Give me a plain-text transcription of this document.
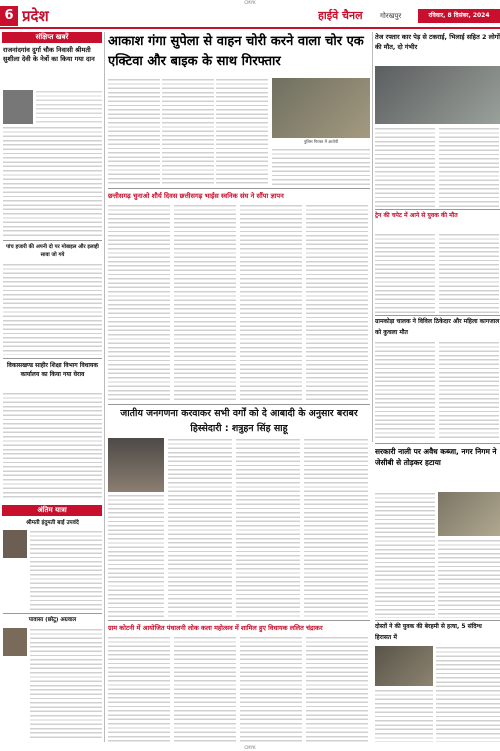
CMYK
6 प्रदेश	हाईवे चैनल	गोरखपुर	रविवार, 8 दिसंबर, 2024
संक्षिप्त खबरें
राजनांदगांव दुर्गा चौक निवासी श्रीमती सुशीला देवी के नेत्रों का किया गया दान
पांच हजारी की अपनी दो पर मोबाइल और इलाही सावा जो गये
विकासखण्ड साहीर शिक्षा विभाग विधायक कार्यालय का किया गया घेराव
अंतिम यात्रा
श्रीमती इंदुमती बाई उपवंदे
पावासा (छोटू) अग्रवाल
आकाश गंगा सुपेला से वाहन चोरी करने वाला चोर एक एक्टिवा और बाइक के साथ गिरफ्तार
पुलिस गिरफ्त में आरोपी
छत्तीसगढ़ चुनाओ शौर्य दिवस छत्तीसगढ़ भाईंस स्वनिक संघ ने सौंपा ज्ञापन
जातीय जनगणना करवाकर सभी वर्गों को दे आबादी के अनुसार बराबर हिस्सेदारी : शत्रुहन सिंह साहू
ग्राम कोटनी में आयोजित पंथालनी लोक कला महोत्सव में शामिल हुए विधायक ललित चंद्राकर
तेज रफ्तार कार पेड़ से टकराई, भिलाई सहित 2 लोगों की मौत, दो गंभीर
ट्रेन की चपेट में आने से युवक की मौत
ग्रामकोड़ा चालक ने विविल ठिकेदार और महिला कागजाल को कुचला मौत
सरकारी नाली पर अवैध कब्जा, नगर निगम ने जेसीबी से तोड़कर हटाया
दोस्तों ने की युवक की बेरहमी से हत्या, 5 संदिग्ध हिरासत में
CMYK
